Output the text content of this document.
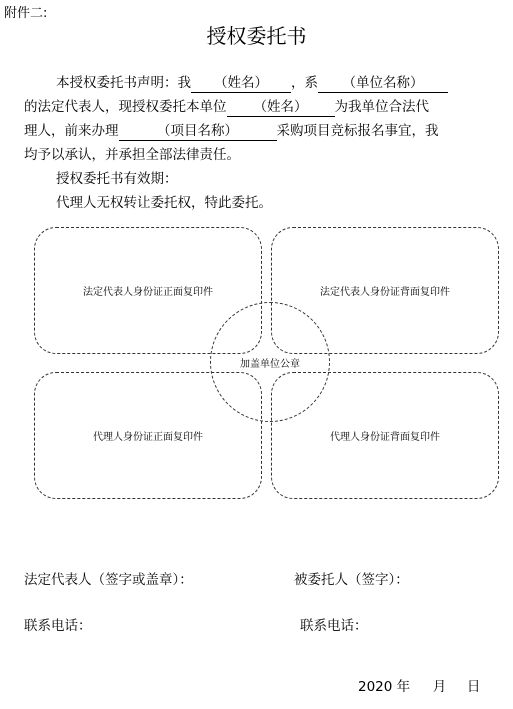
附件二:
授权委托书
本授权委托书声明：我 （姓名） ，系 （单位名称）
的法定代表人，现授权委托本单位 （姓名） 为我单位合法代
理人，前来办理	（项目名称）	采购项目竞标报名事宜，我
均予以承认，并承担全部法律责任。
授权委托书有效期：
代理人无权转让委托权，特此委托。
法定代表人身份证正面复印件	法定代表人身份证背面复印件
代理人身份证正面复印件	代理人身份证背面复印件
加盖单位公章
法定代表人（签字或盖章）：	被委托人（签字）：
联系电话：	联系电话：
2020 年 月 日
